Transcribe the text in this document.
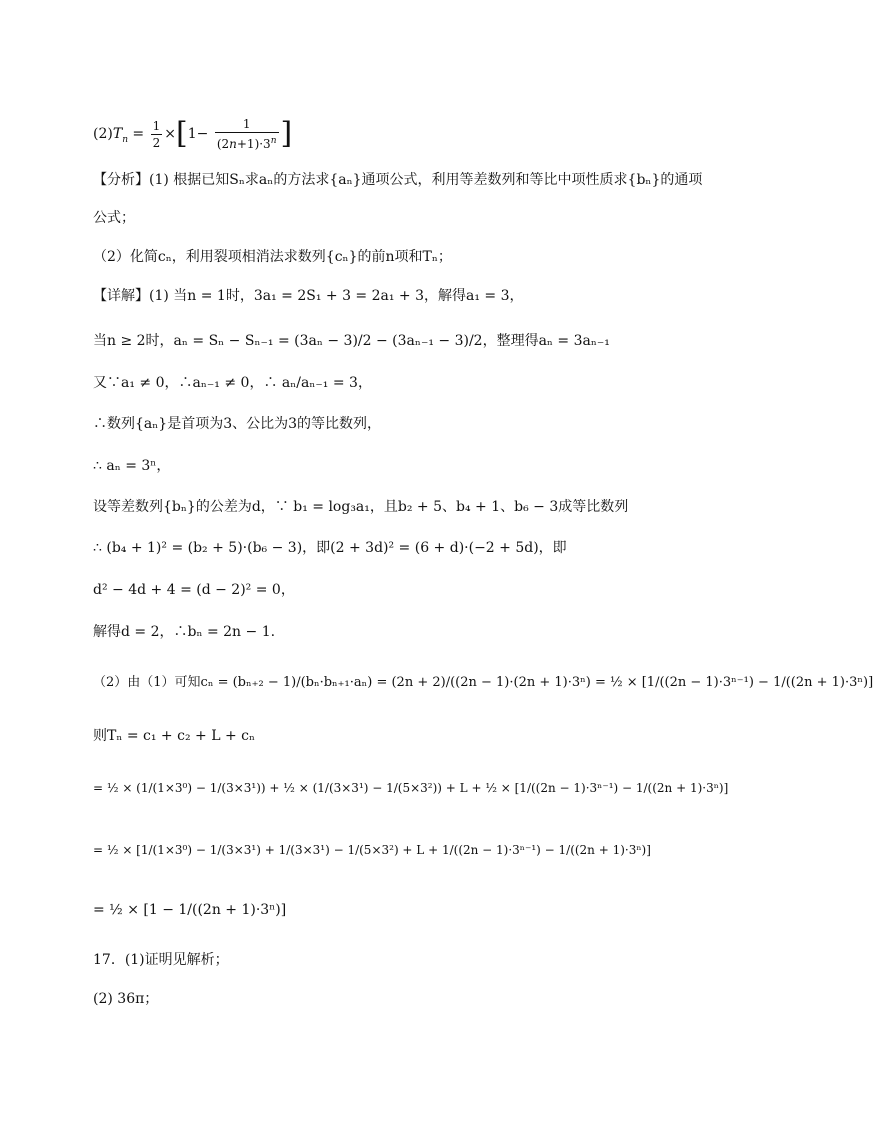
$(2)T_n = \frac{1}{2} \times[1- \frac{1}{(2n+1)\cdot 3^n}$ ]
【分析】(1) 根据已知Sₙ求aₙ的方法求{aₙ}通项公式，利用等差数列和等比中项性质求{bₙ}的通项
公式；
（2）化简cₙ，利用裂项相消法求数列{cₙ}的前n项和Tₙ；
【详解】(1) 当n = 1时，3a₁ = 2S₁ + 3 = 2a₁ + 3，解得a₁ = 3，
当n ≥ 2时，aₙ = Sₙ − Sₙ₋₁ = (3aₙ − 3)/2 − (3aₙ₋₁ − 3)/2，整理得aₙ = 3aₙ₋₁
又∵a₁ ≠ 0，∴aₙ₋₁ ≠ 0，∴ aₙ/aₙ₋₁ = 3，
∴数列{aₙ}是首项为3、公比为3的等比数列，
∴ aₙ = 3ⁿ，
设等差数列{bₙ}的公差为d，∵ b₁ = log₃a₁，且b₂ + 5、b₄ + 1、b₆ − 3成等比数列
∴ (b₄ + 1)² = (b₂ + 5)·(b₆ − 3)，即(2 + 3d)² = (6 + d)·(−2 + 5d)，即
d² − 4d + 4 = (d − 2)² = 0，
解得d = 2，∴bₙ = 2n − 1.
（2）由（1）可知cₙ = (bₙ₊₂ − 1)/(bₙ·bₙ₊₁·aₙ) = (2n + 2)/((2n − 1)·(2n + 1)·3ⁿ) = ½ × [1/((2n − 1)·3ⁿ⁻¹) − 1/((2n + 1)·3ⁿ)]
则Tₙ = c₁ + c₂ + L + cₙ
= ½ × (1/(1×3⁰) − 1/(3×3¹)) + ½ × (1/(3×3¹) − 1/(5×3²)) + L + ½ × [1/((2n − 1)·3ⁿ⁻¹) − 1/((2n + 1)·3ⁿ)]
= ½ × [1/(1×3⁰) − 1/(3×3¹) + 1/(3×3¹) − 1/(5×3²) + L + 1/((2n − 1)·3ⁿ⁻¹) − 1/((2n + 1)·3ⁿ)]
= ½ × [1 − 1/((2n + 1)·3ⁿ)]
17．(1)证明见解析；
(2) 36π；
